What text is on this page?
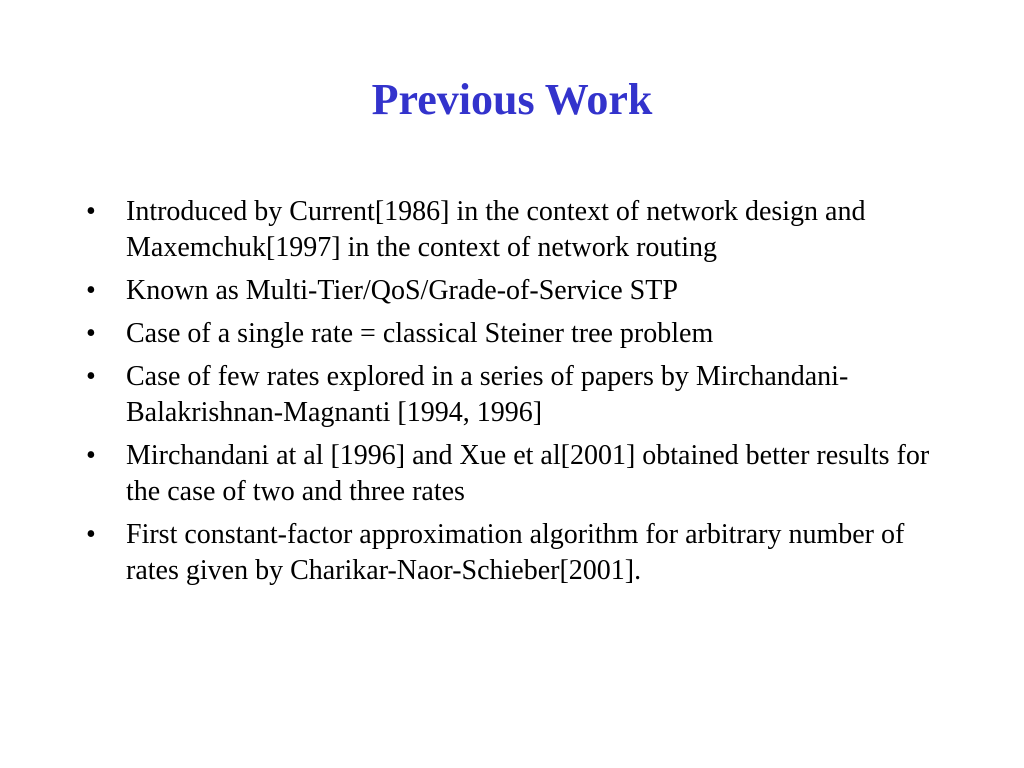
Previous Work
•	Introduced by Current[1986] in the context of network design and Maxemchuk[1997] in the context of network routing
•	Known as Multi-Tier/QoS/Grade-of-Service STP
•	Case of a single rate = classical Steiner tree problem
•	Case of few rates explored in a series of papers by Mirchandani-Balakrishnan-Magnanti [1994, 1996]
•	Mirchandani at al [1996] and Xue et al[2001] obtained better results for the case of two and three rates
•	First constant-factor approximation algorithm for arbitrary number of rates given by Charikar-Naor-Schieber[2001].
